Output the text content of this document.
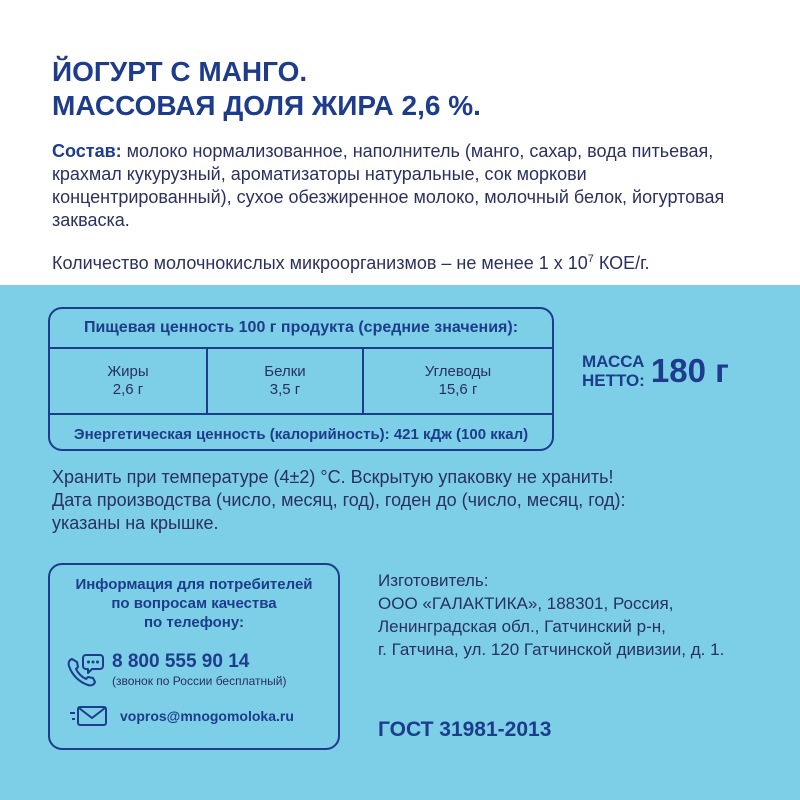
ЙОГУРТ С МАНГО.
МАССОВАЯ ДОЛЯ ЖИРА 2,6 %.
Состав: молоко нормализованное, наполнитель (манго, сахар, вода питьевая, крахмал кукурузный, ароматизаторы натуральные, сок моркови концентрированный), сухое обезжиренное молоко, молочный белок, йогуртовая закваска.
Количество молочнокислых микроорганизмов – не менее 1 х $10^7$ КОЕ/г.
Пищевая ценность 100 г продукта (средние значения):
Жиры
2,6 г
Белки
3,5 г
Углеводы
15,6 г
Энергетическая ценность (калорийность): 421 кДж (100 ккал)
МАССА
НЕТТО: 180 г
Хранить при температуре (4±2) °С. Вскрытую упаковку не хранить!
Дата производства (число, месяц, год), годен до (число, месяц, год):
указаны на крышке.
Информация для потребителей
по вопросам качества
по телефону:
8 800 555 90 14
(звонок по России бесплатный)
vopros@mnogomoloka.ru
Изготовитель:
ООО «ГАЛАКТИКА», 188301, Россия,
Ленинградская обл., Гатчинский р-н,
г. Гатчина, ул. 120 Гатчинской дивизии, д. 1.
ГОСТ 31981-2013
